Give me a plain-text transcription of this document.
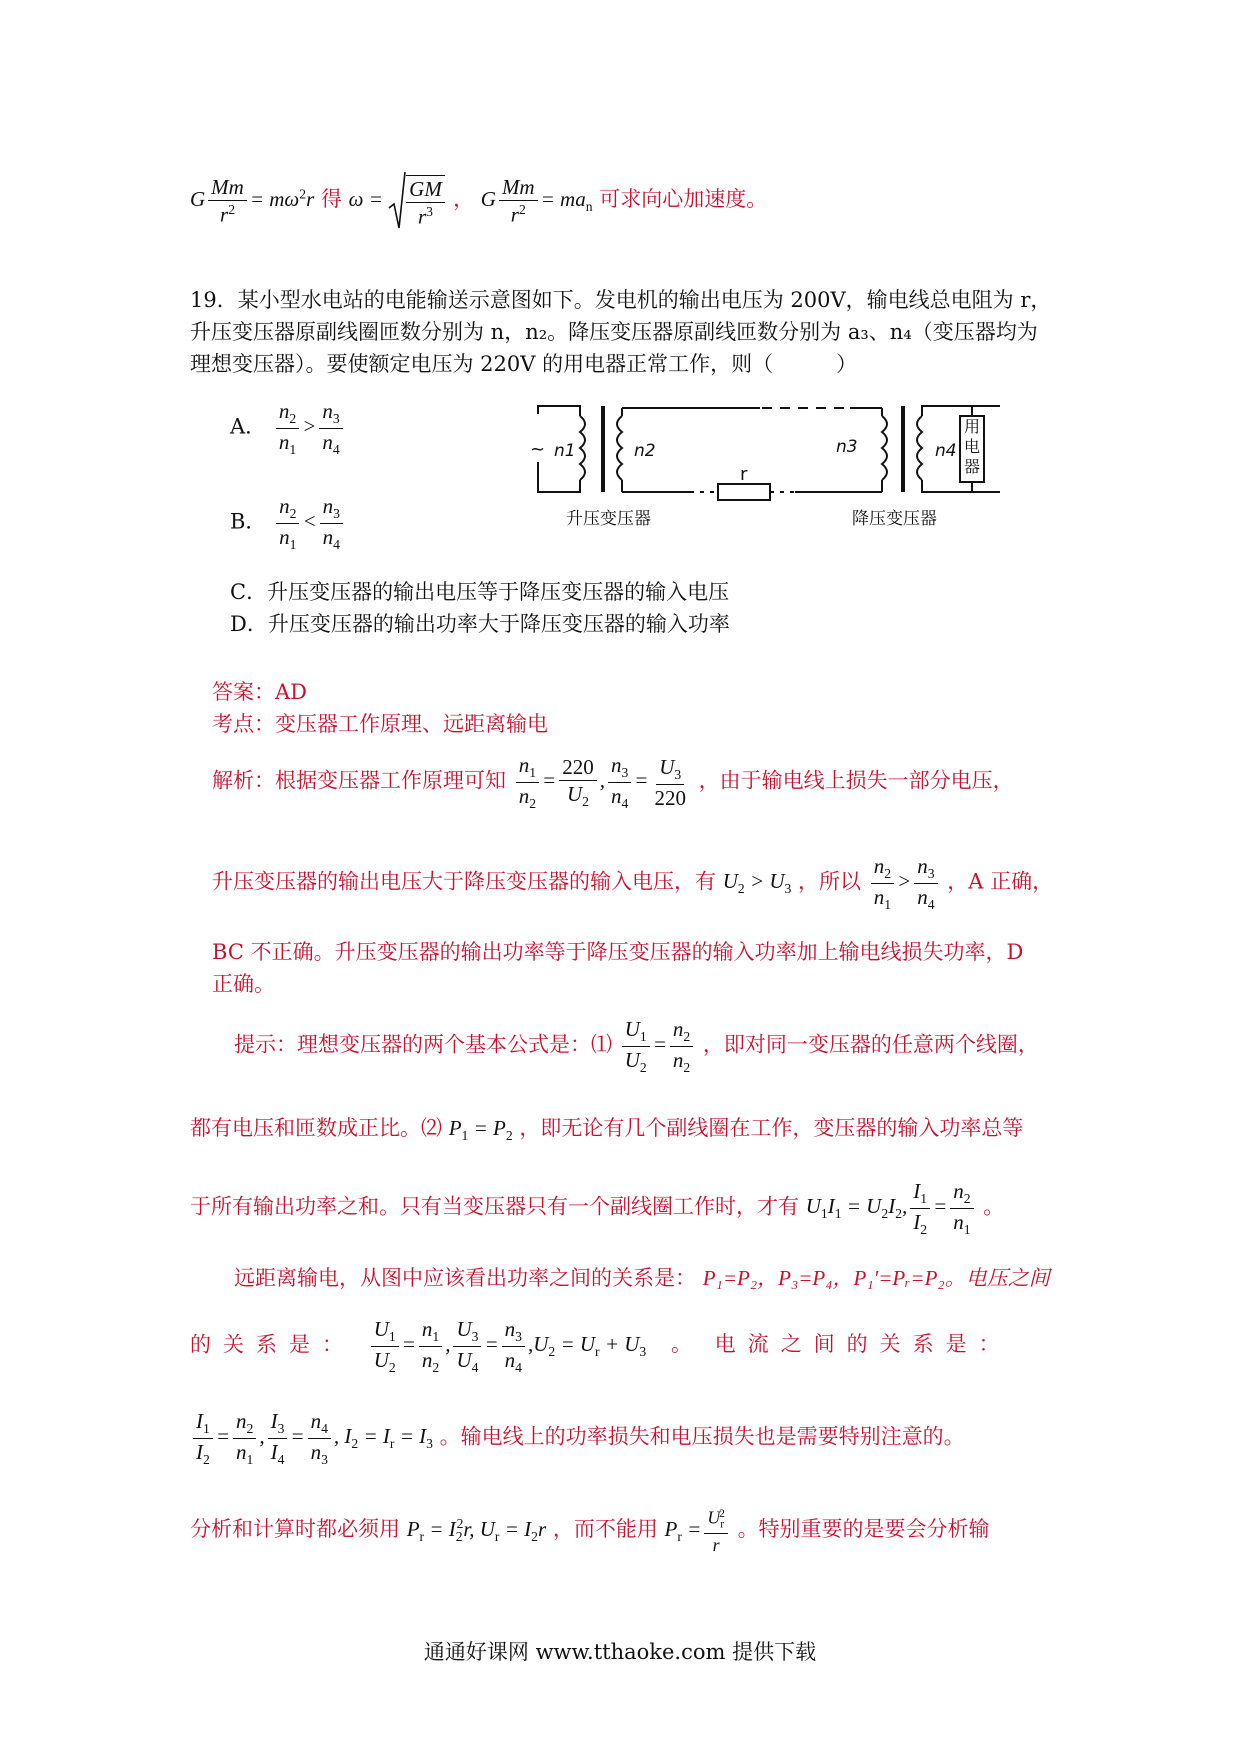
G $\frac{Mm}{r^2} = m\omega^2r$ 得 $\omega = \frac{GM}{r^3}$ ， G $\frac{Mm}{r^2} = ma_n$ 可求向心加速度。
19．某小型水电站的电能输送示意图如下。发电机的输出电压为 200V，输电线总电阻为 r，
升压变压器原副线圈匝数分别为 n，n₂。降压变压器原副线匝数分别为 a₃、n₄（变压器均为
理想变压器）。要使额定电压为 220V 的用电器正常工作，则（　　　）
A． $\frac{n_2}{n_1} > \frac{n_3}{n_4}$
B． $\frac{n_2}{n_1} < \frac{n_3}{n_4}$
C．升压变压器的输出电压等于降压变压器的输入电压
D．升压变压器的输出功率大于降压变压器的输入功率
~ n1	n2
r
n3	n4
用电器
升压变压器	降压变压器
答案：AD
考点：变压器工作原理、远距离输电
解析：根据变压器工作原理可知 $\frac{n_1}{n_2} = \frac{220}{U_2}$ , $\frac{n_3}{n_4} = \frac{U_3}{220}$ ，由于输电线上损失一部分电压，
升压变压器的输出电压大于降压变压器的输入电压，有 $U_2 > U_3$ ，所以 $\frac{n_2}{n_1} > \frac{n_3}{n_4}$ ，A 正确，
BC 不正确。升压变压器的输出功率等于降压变压器的输入功率加上输电线损失功率，D
正确。
提示：理想变压器的两个基本公式是：⑴ $\frac{U_1}{U_2} = \frac{n_2}{n_2}$ ，即对同一变压器的任意两个线圈，
都有电压和匝数成正比。⑵ $P_1 = P_2$ ，即无论有几个副线圈在工作，变压器的输入功率总等
于所有输出功率之和。只有当变压器只有一个副线圈工作时，才有 $U_1I_1 = U_2I_2$, $\frac{I_1}{I_2} = \frac{n_2}{n_1}$ 。
远距离输电，从图中应该看出功率之间的关系是： P₁=P₂，P₃=P₄，P₁′=Pᵣ=P₂。电压之间
的关系是： $\frac{U_1}{U_2} = \frac{n_1}{n_2}$ , $\frac{U_3}{U_4} = \frac{n_3}{n_4} ,U_2 = U_r + U_3$ 。 电流之间的关系是：
$\frac{I_1}{I_2} = \frac{n_2}{n_1}$ , $\frac{I_3}{I_4} = \frac{n_4}{n_3}$ , $I_2 = I_r = I_3$ 。输电线上的功率损失和电压损失也是需要特别注意的。
分析和计算时都必须用 $P_r = I_2^2r$, $U_r = I_2r$ ，而不能用 $P_r = \frac{U_r^2}{r}$ 。特别重要的是要会分析输
通通好课网 www.tthaoke.com 提供下载
